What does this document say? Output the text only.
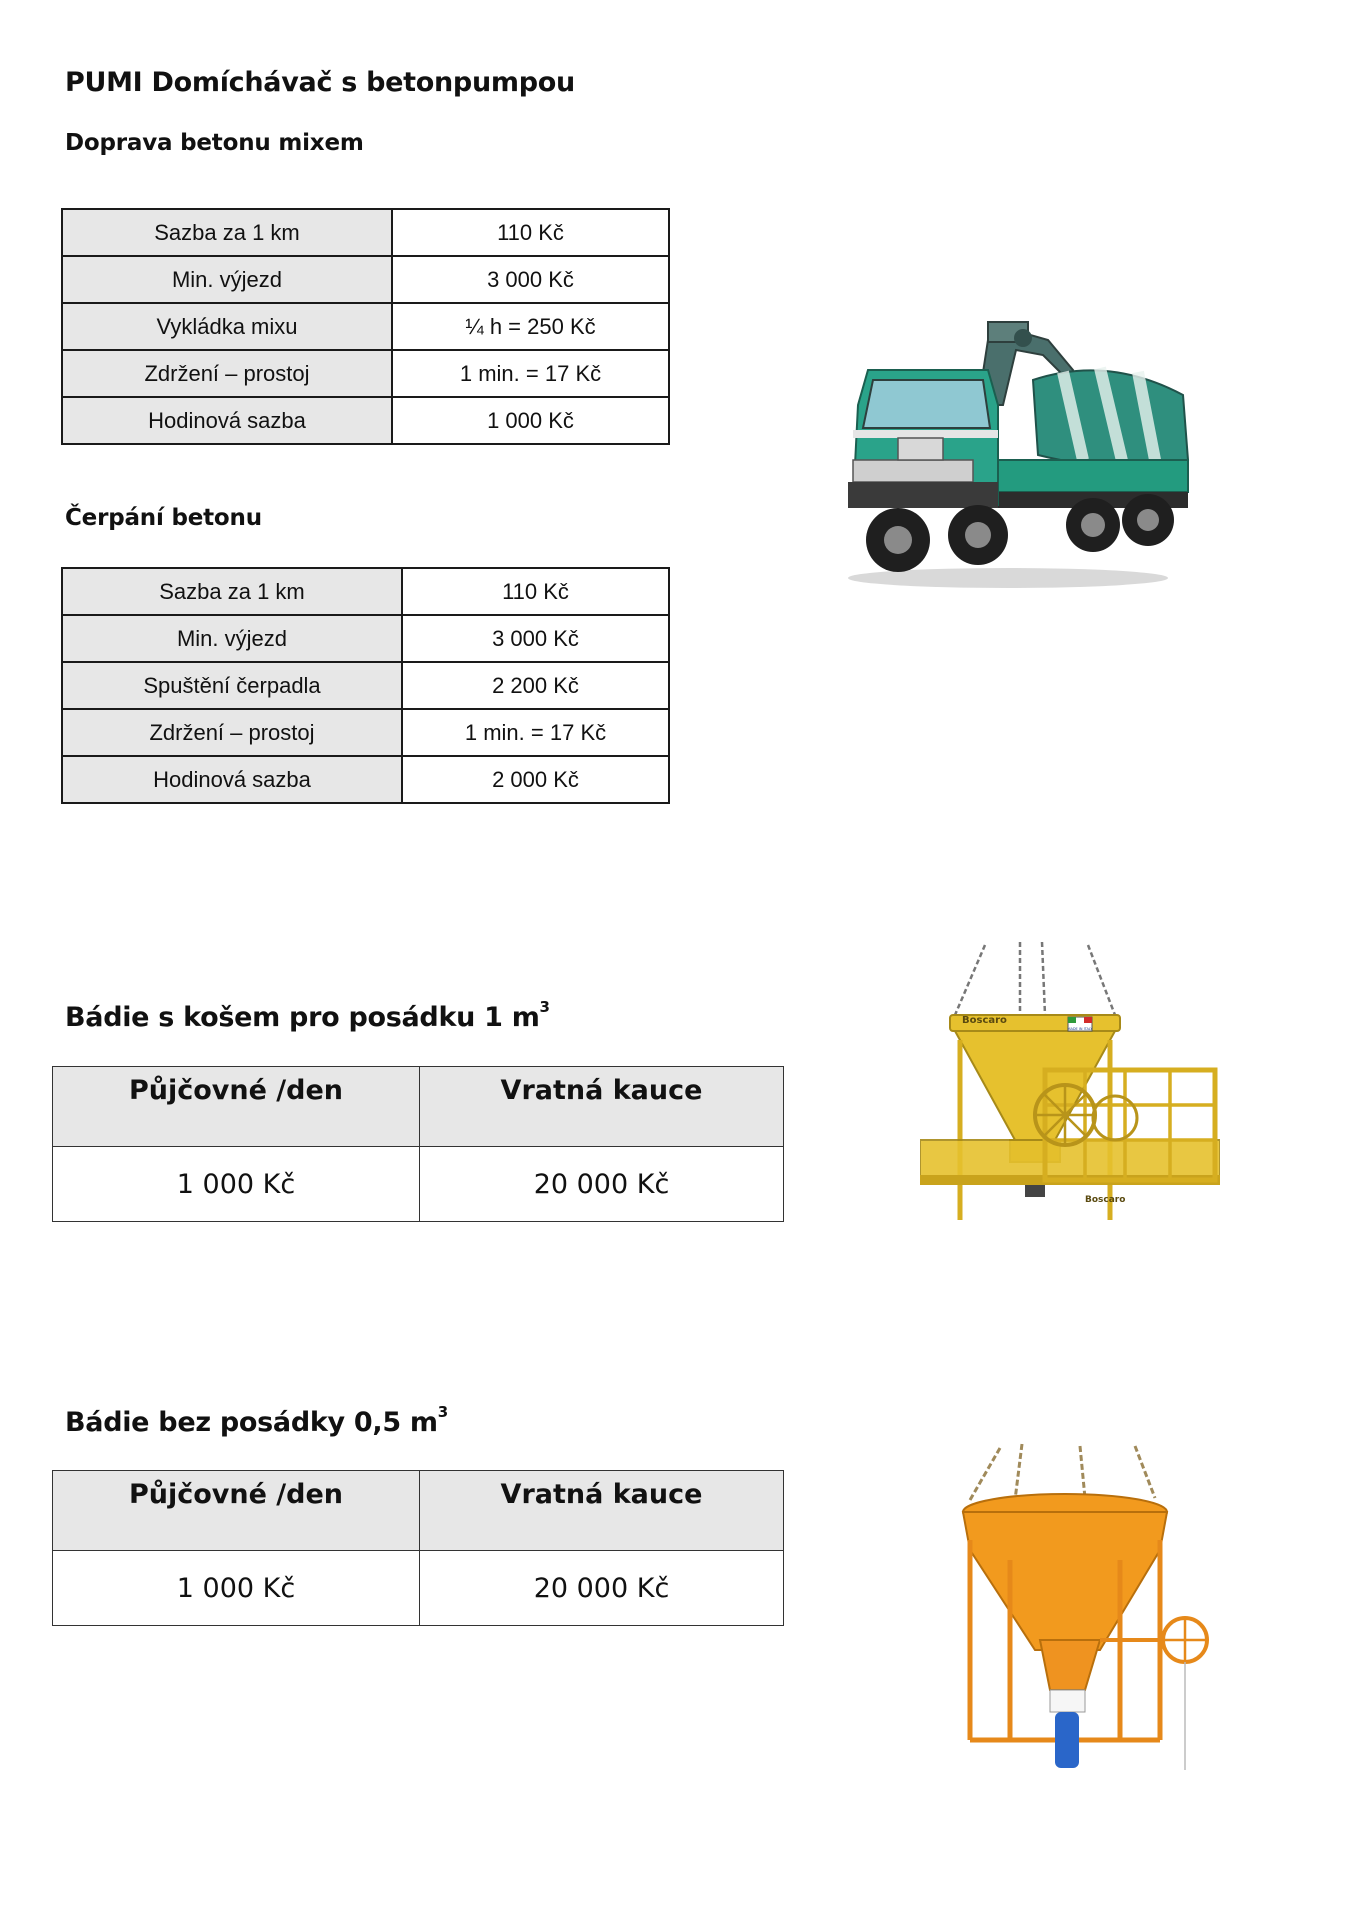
PUMI Domíchávač s betonpumpou
Doprava betonu mixem
Sazba za 1 km	110 Kč
Min. výjezd	3 000 Kč
Vykládka mixu	¼ h = 250 Kč
Zdržení – prostoj	1 min. = 17 Kč
Hodinová sazba	1 000 Kč
Čerpání betonu
Sazba za 1 km	110 Kč
Min. výjezd	3 000 Kč
Spuštění čerpadla	2 200 Kč
Zdržení – prostoj	1 min. = 17 Kč
Hodinová sazba	2 000 Kč
Bádie s košem pro posádku 1 $m^3$
Půjčovné /den	Vratná kauce
1 000 Kč	20 000 Kč
Boscaro
MADE IN ITALY
Boscaro
Bádie bez posádky 0,5 $m^3$
Půjčovné /den	Vratná kauce
1 000 Kč	20 000 Kč
